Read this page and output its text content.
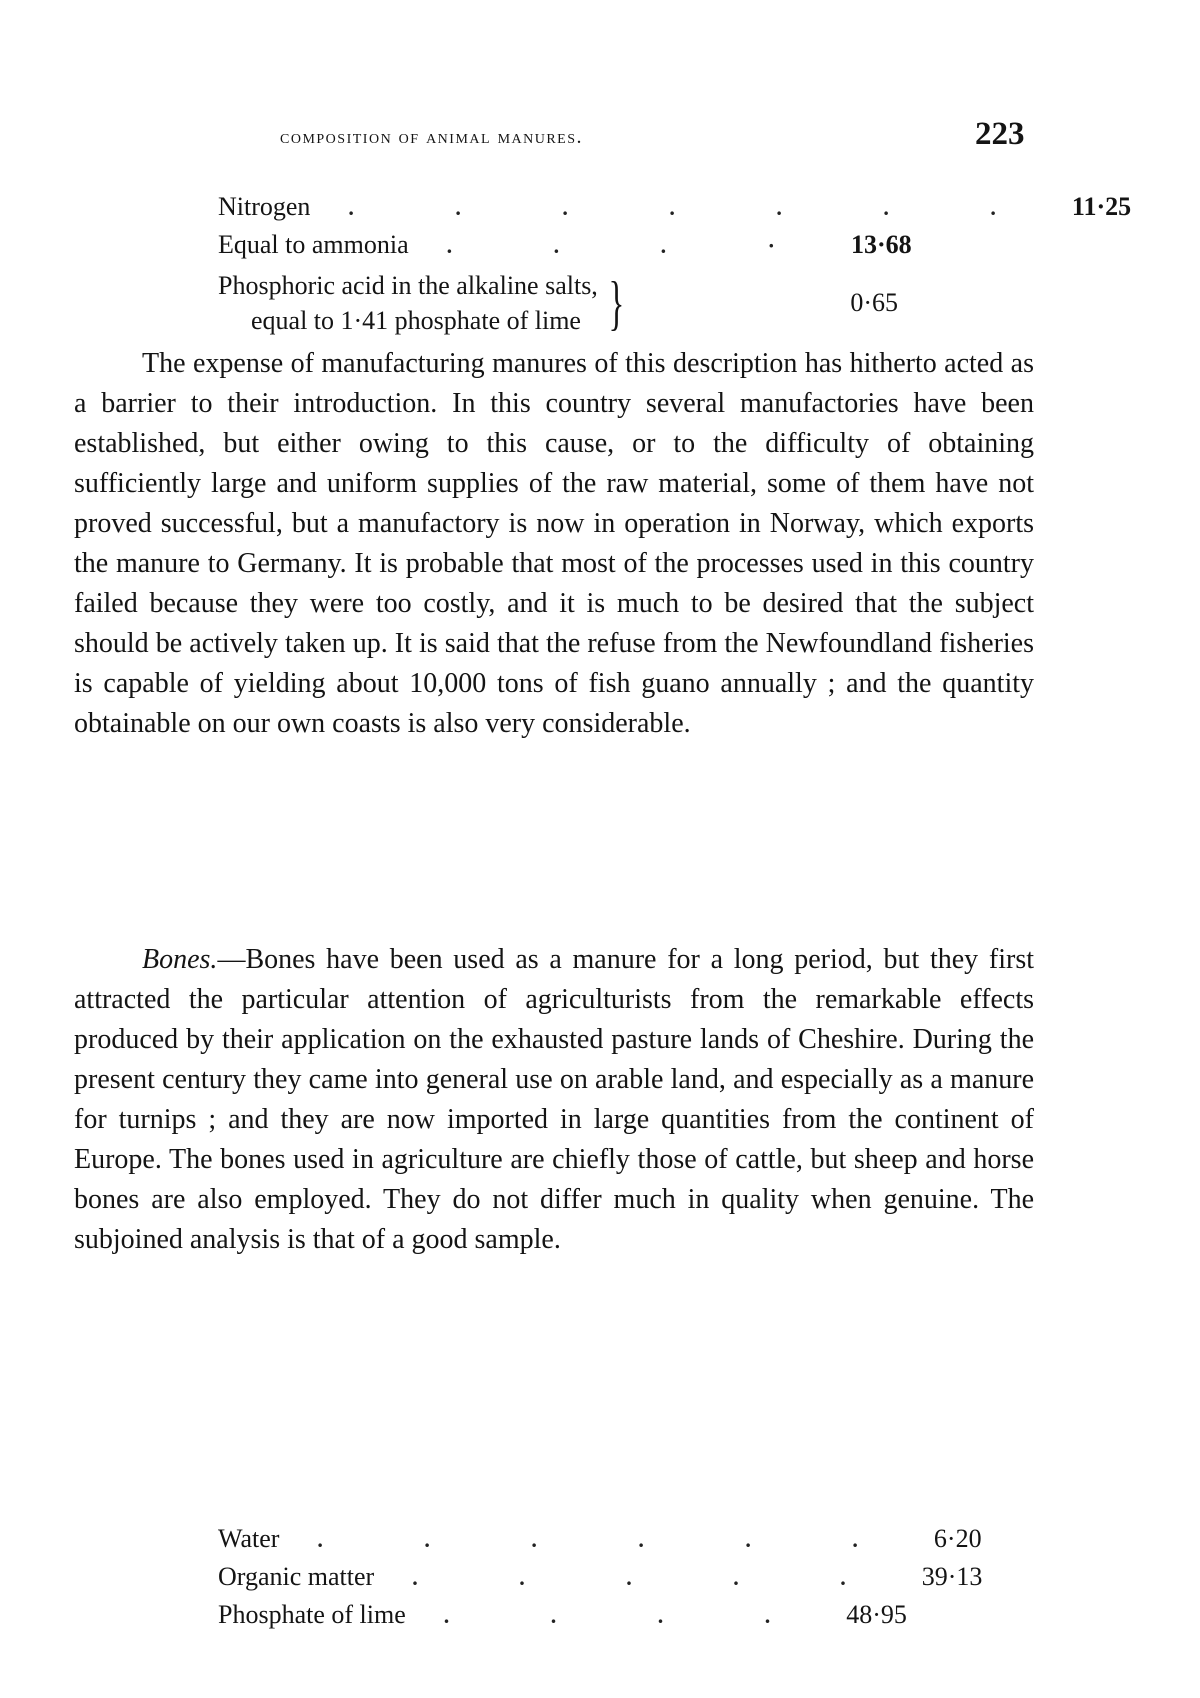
composition of animal manures.	223
Nitrogen	. . . . . . .	11·25
Equal to ammonia	. . . ·	13·68
Phosphoric acid in the alkaline salts,
equal to 1·41 phosphate of lime }	0·65

The expense of manufacturing manures of this description has hitherto acted as a barrier to their introduction. In this country several manufactories have been established, but either owing to this cause, or to the difficulty of obtaining sufficiently large and uniform supplies of the raw material, some of them have not proved successful, but a manufactory is now in operation in Norway, which exports the manure to Germany. It is probable that most of the processes used in this country failed because they were too costly, and it is much to be desired that the subject should be actively taken up. It is said that the refuse from the Newfoundland fisheries is capable of yielding about 10,000 tons of fish guano annually ; and the quantity obtainable on our own coasts is also very considerable.

Bones.—Bones have been used as a manure for a long period, but they first attracted the particular attention of agriculturists from the remarkable effects produced by their application on the exhausted pasture lands of Cheshire. During the present century they came into general use on arable land, and especially as a manure for turnips ; and they are now imported in large quantities from the continent of Europe. The bones used in agriculture are chiefly those of cattle, but sheep and horse bones are also employed. They do not differ much in quality when genuine. The subjoined analysis is that of a good sample.

Water	. . . . . .	6·20
Organic matter	. . . . .	39·13
Phosphate of lime	. . . .	48·95
